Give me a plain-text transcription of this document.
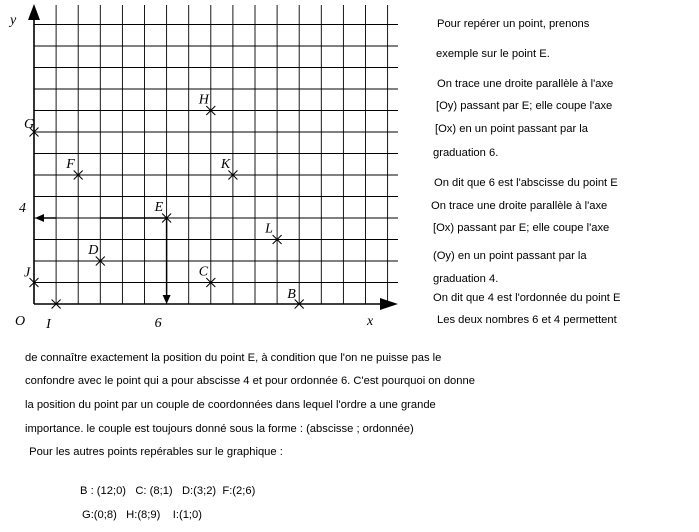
H
G
F	K
E
L
D
J	C
B
I
O	x
y
4
6
Pour repérer un point, prenons
exemple sur le point E.
On trace une droite parallèle à l'axe
[Oy) passant par E; elle coupe l'axe
[Ox) en un point passant par la
graduation 6.
On dit que 6 est l'abscisse du point E
On trace une droite parallèle à l'axe
[Ox) passant par E; elle coupe l'axe
(Oy) en un point passant par la
graduation 4.
On dit que 4 est l'ordonnée du point E
Les deux nombres 6 et 4 permettent
de connaître exactement la position du point E, à condition que l'on ne puisse pas le
confondre avec le point qui a pour abscisse 4 et pour ordonnée 6. C'est pourquoi on donne
la position du point par un couple de coordonnées dans lequel l'ordre a une grande
importance. le couple est toujours donné sous la forme : (abscisse ; ordonnée)
Pour les autres points repérables sur le graphique :
B : (12;0)   C: (8;1)   D:(3;2)  F:(2;6)
G:(0;8)   H:(8;9)    I:(1;0)
